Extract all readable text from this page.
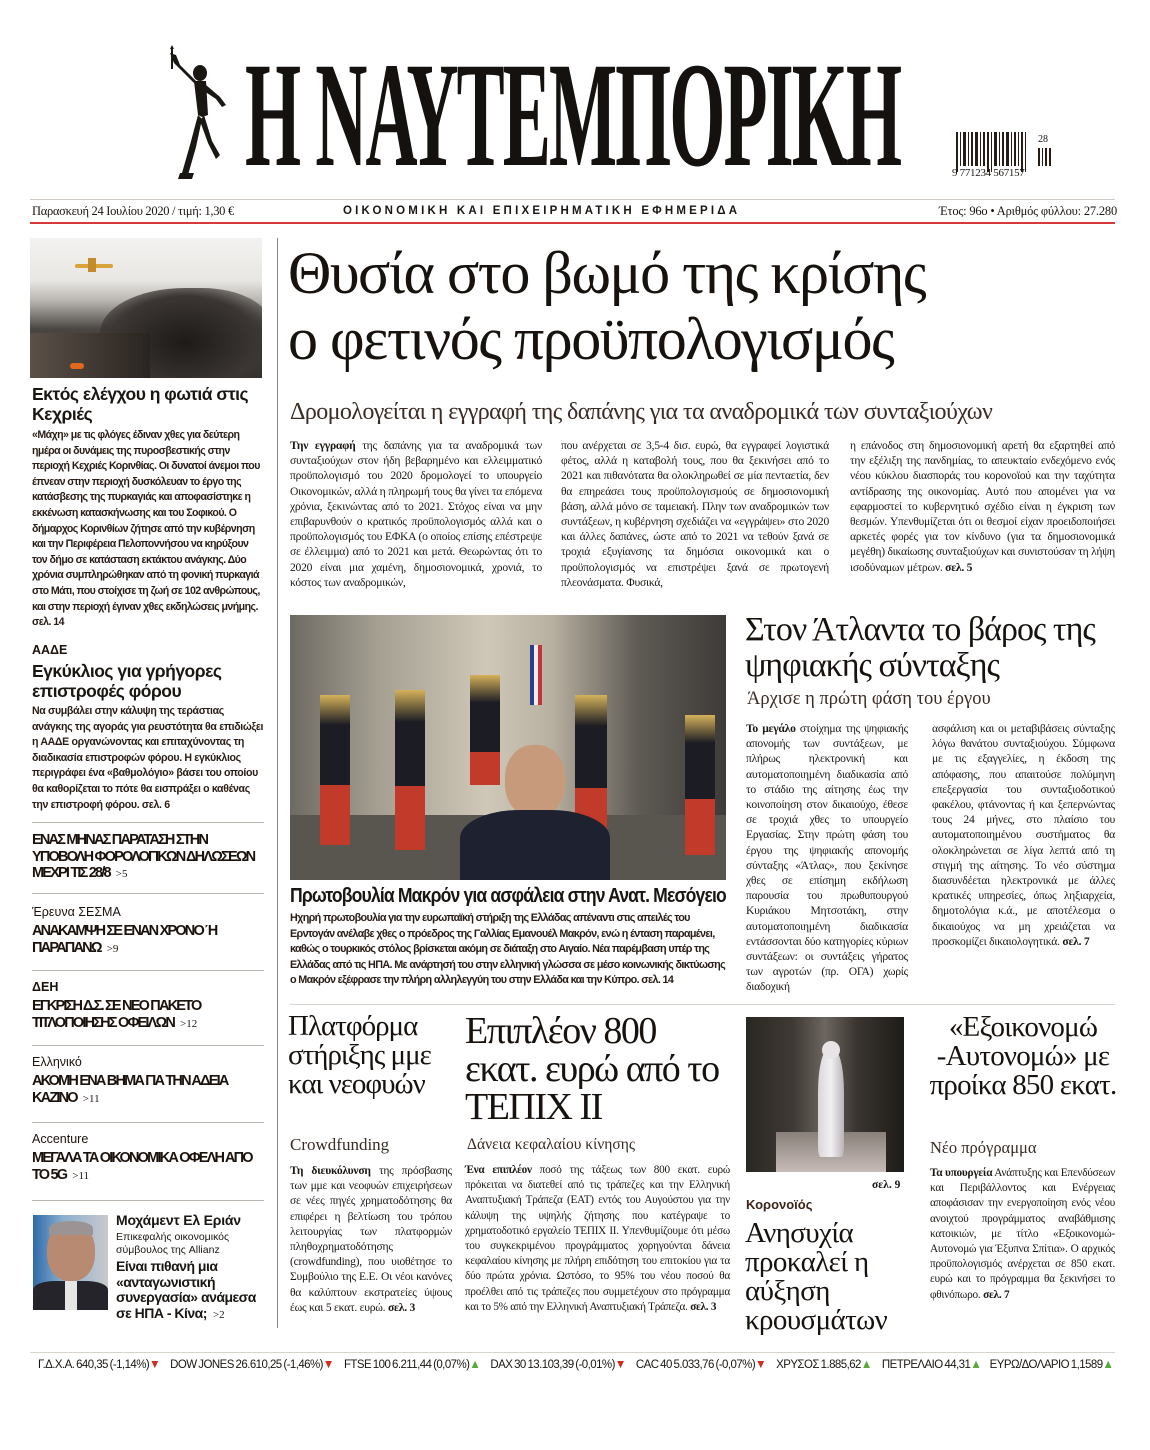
Η ΝΑΥΤΕΜΠΟΡΙΚΗ	9 771234 567157
28
Παρασκευή 24 Ιουλίου 2020 / τιμή: 1,30 €	ΟΙΚΟΝΟΜΙΚΗ ΚΑΙ ΕΠΙΧΕΙΡΗΜΑΤΙΚΗ ΕΦΗΜΕΡΙΔΑ	Έτος: 96ο • Αριθμός φύλλου: 27.280
Εκτός ελέγχου η φωτιά στις Κεχριές
«Μάχη» με τις φλόγες έδιναν χθες για δεύτερη ημέρα οι δυνάμεις της πυροσβεστικής στην περιοχή Κεχριές Κορινθίας. Οι δυνατοί άνεμοι που έπνεαν στην περιοχή δυσκόλευαν το έργο της κατάσβεσης της πυρκαγιάς και αποφασίστηκε η εκκένωση κατασκήνωσης και του Σοφικού. Ο δήμαρχος Κορινθίων ζήτησε από την κυβέρνηση και την Περιφέρεια Πελοποννήσου να κηρύξουν τον δήμο σε κατάσταση εκτάκτου ανάγκης. Δύο χρόνια συμπληρώθηκαν από τη φονική πυρκαγιά στο Μάτι, που στοίχισε τη ζωή σε 102 ανθρώπους, και στην περιοχή έγιναν χθες εκδηλώσεις μνήμης. σελ. 14
ΑΑΔΕ
Εγκύκλιος για γρήγορες επιστροφές φόρου
Να συμβάλει στην κάλυψη της τεράστιας ανάγκης της αγοράς για ρευστότητα θα επιδιώξει η ΑΑΔΕ οργανώνοντας και επιταχύνοντας τη διαδικασία επιστροφών φόρου. Η εγκύκλιος περιγράφει ένα «βαθμολόγιο» βάσει του οποίου θα καθορίζεται το πότε θα εισπράξει ο καθένας την επιστροφή φόρου. σελ. 6
ΕΝΑΣ ΜΗΝΑΣ ΠΑΡΑΤΑΣΗ ΣΤΗΝ ΥΠΟΒΟΛΗ ΦΟΡΟΛΟΓΙΚΩΝ ΔΗΛΩΣΕΩΝ ΜΕΧΡΙ ΤΙΣ 28/8 >5
Έρευνα ΣΕΣΜΑ
ΑΝΑΚΑΜΨΗ ΣΕ ΕΝΑΝ ΧΡΟΝΟ Ή ΠΑΡΑΠΑΝΩ >9
ΔΕΗ
ΕΓΚΡΙΣΗ Δ.Σ. ΣΕ ΝΕΟ ΠΑΚΕΤΟ ΤΙΤΛΟΠΟΙΗΣΗΣ ΟΦΕΙΛΩΝ >12
Ελληνικό
ΑΚΟΜΗ ΕΝΑ ΒΗΜΑ ΓΙΑ ΤΗΝ ΑΔΕΙΑ ΚΑΖΙΝΟ >11
Accenture
ΜΕΓΑΛΑ ΤΑ ΟΙΚΟΝΟΜΙΚΑ ΟΦΕΛΗ ΑΠΟ ΤΟ 5G >11
Μοχάμεντ Ελ Εριάν
Επικεφαλής οικονομικός σύμβουλος της Allianz
Είναι πιθανή μια «ανταγωνιστική συνεργασία» ανάμεσα σε ΗΠΑ - Κίνα; >2
Θυσία στο βωμό της κρίσης
ο φετινός προϋπολογισμός
Δρομολογείται η εγγραφή της δαπάνης για τα αναδρομικά των συνταξιούχων
Την εγγραφή της δαπάνης για τα αναδρομικά των συνταξιούχων στον ήδη βεβαρημένο και ελλειμματικό προϋπολογισμό του 2020 δρομολογεί το υπουργείο Οικονομικών, αλλά η πληρωμή τους θα γίνει τα επόμενα χρόνια, ξεκινώντας από το 2021. Στόχος είναι να μην επιβαρυνθούν ο κρατικός προϋπολογισμός αλλά και ο προϋπολογισμός του ΕΦΚΑ (ο οποίος επίσης επέστρεψε σε έλλειμμα) από το 2021 και μετά. Θεωρώντας ότι το 2020 είναι μια χαμένη, δημοσιονομικά, χρονιά, το κόστος των αναδρομικών,
που ανέρχεται σε 3,5-4 δισ. ευρώ, θα εγγραφεί λογιστικά φέτος, αλλά η καταβολή τους, που θα ξεκινήσει από το 2021 και πιθανότατα θα ολοκληρωθεί σε μία πενταετία, δεν θα επηρεάσει τους προϋπολογισμούς σε δημοσιονομική βάση, αλλά μόνο σε ταμειακή. Πλην των αναδρομικών των συντάξεων, η κυβέρνηση σχεδιάζει να «εγγράψει» στο 2020 και άλλες δαπάνες, ώστε από το 2021 να τεθούν ξανά σε τροχιά εξυγίανσης τα δημόσια οικονομικά και ο προϋπολογισμός να επιστρέψει ξανά σε πρωτογενή πλεονάσματα. Φυσικά,
η επάνοδος στη δημοσιονομική αρετή θα εξαρτηθεί από την εξέλιξη της πανδημίας, το απευκταίο ενδεχόμενο ενός νέου κύκλου διασποράς του κορονοϊού και την ταχύτητα αντίδρασης της οικονομίας. Αυτό που απομένει για να εφαρμοστεί το κυβερνητικό σχέδιο είναι η έγκριση των θεσμών. Υπενθυμίζεται ότι οι θεσμοί είχαν προειδοποιήσει αρκετές φορές για τον κίνδυνο (για τα δημοσιονομικά μεγέθη) δικαίωσης συνταξιούχων και συνιστούσαν τη λήψη ισοδύναμων μέτρων. σελ. 5
Πρωτοβουλία Μακρόν για ασφάλεια στην Ανατ. Μεσόγειο
Ηχηρή πρωτοβουλία για την ευρωπαϊκή στήριξη της Ελλάδας απέναντι στις απειλές του Ερντογάν ανέλαβε χθες ο πρόεδρος της Γαλλίας Εμανουέλ Μακρόν, ενώ η ένταση παραμένει, καθώς ο τουρκικός στόλος βρίσκεται ακόμη σε διάταξη στο Αιγαίο. Νέα παρέμβαση υπέρ της Ελλάδας από τις ΗΠΑ. Με ανάρτησή του στην ελληνική γλώσσα σε μέσο κοινωνικής δικτύωσης ο Μακρόν εξέφρασε την πλήρη αλληλεγγύη του στην Ελλάδα και την Κύπρο. σελ. 14
Στον Άτλαντα το βάρος της ψηφιακής σύνταξης
Άρχισε η πρώτη φάση του έργου
Το μεγάλο στοίχημα της ψηφιακής απονομής των συντάξεων, με πλήρως ηλεκτρονική και αυτοματοποιημένη διαδικασία από το στάδιο της αίτησης έως την κοινοποίηση στον δικαιούχο, έθεσε σε τροχιά χθες το υπουργείο Εργασίας. Στην πρώτη φάση του έργου της ψηφιακής απονομής σύνταξης «Άτλας», που ξεκίνησε χθες σε επίσημη εκδήλωση παρουσία του πρωθυπουργού Κυριάκου Μητσοτάκη, στην αυτοματοποιημένη διαδικασία εντάσσονται δύο κατηγορίες κύριων συντάξεων: οι συντάξεις γήρατος των αγροτών (πρ. ΟΓΑ) χωρίς διαδοχική
ασφάλιση και οι μεταβιβάσεις σύνταξης λόγω θανάτου συνταξιούχου. Σύμφωνα με τις εξαγγελίες, η έκδοση της απόφασης, που απαιτούσε πολύμηνη επεξεργασία του συνταξιοδοτικού φακέλου, φτάνοντας ή και ξεπερνώντας τους 24 μήνες, στο πλαίσιο του αυτοματοποιημένου συστήματος θα ολοκληρώνεται σε λίγα λεπτά από τη στιγμή της αίτησης. Το νέο σύστημα διασυνδέεται ηλεκτρονικά με άλλες κρατικές υπηρεσίες, όπως ληξιαρχεία, δημοτολόγια κ.ά., με αποτέλεσμα ο δικαιούχος να μη χρειάζεται να προσκομίζει δικαιολογητικά. σελ. 7
Πλατφόρμα στήριξης μμε και νεοφυών
Crowdfunding
Τη διευκόλυνση της πρόσβασης των μμε και νεοφυών επιχειρήσεων σε νέες πηγές χρηματοδότησης θα επιφέρει η βελτίωση του τρόπου λειτουργίας των πλατφορμών πληθοχρηματοδότησης (crowdfunding), που υιοθέτησε το Συμβούλιο της Ε.Ε. Οι νέοι κανόνες θα καλύπτουν εκστρατείες ύψους έως και 5 εκατ. ευρώ. σελ. 3
Επιπλέον 800 εκατ. ευρώ από το ΤΕΠΙΧ ΙΙ
Δάνεια κεφαλαίου κίνησης
Ένα επιπλέον ποσό της τάξεως των 800 εκατ. ευρώ πρόκειται να διατεθεί από τις τράπεζες και την Ελληνική Αναπτυξιακή Τράπεζα (ΕΑΤ) εντός του Αυγούστου για την κάλυψη της υψηλής ζήτησης που κατέγραψε το χρηματοδοτικό εργαλείο ΤΕΠΙΧ ΙΙ. Υπενθυμίζουμε ότι μέσω του συγκεκριμένου προγράμματος χορηγούνται δάνεια κεφαλαίου κίνησης με πλήρη επιδότηση του επιτοκίου για τα δύο πρώτα χρόνια. Ωστόσο, το 95% του νέου ποσού θα προέλθει από τις τράπεζες που συμμετέχουν στο πρόγραμμα και το 5% από την Ελληνική Αναπτυξιακή Τράπεζα. σελ. 3
σελ. 9
Κορονοϊός
Ανησυχία προκαλεί η αύξηση κρουσμάτων
«Εξοικονομώ -Αυτονομώ» με προίκα 850 εκατ.
Νέο πρόγραμμα
Τα υπουργεία Ανάπτυξης και Επενδύσεων και Περιβάλλοντος και Ενέργειας αποφάσισαν την ενεργοποίηση ενός νέου ανοιχτού προγράμματος αναβάθμισης κατοικιών, με τίτλο «Εξοικονομώ-Αυτονομώ για Έξυπνα Σπίτια». Ο αρχικός προϋπολογισμός ανέρχεται σε 850 εκατ. ευρώ και το πρόγραμμα θα ξεκινήσει το φθινόπωρο. σελ. 7
Γ.Δ.Χ.Α. 640,35 (-1,14%)▼ DOW JONES 26.610,25 (-1,46%)▼ FTSE 100 6.211,44 (0,07%)▲ DAX 30 13.103,39 (-0,01%)▼ CAC 40 5.033,76 (-0,07%)▼ ΧΡΥΣΟΣ 1.885,62▲ ΠΕΤΡΕΛΑΙΟ 44,31▲ ΕΥΡΩ/ΔΟΛΑΡΙΟ 1,1589▲
